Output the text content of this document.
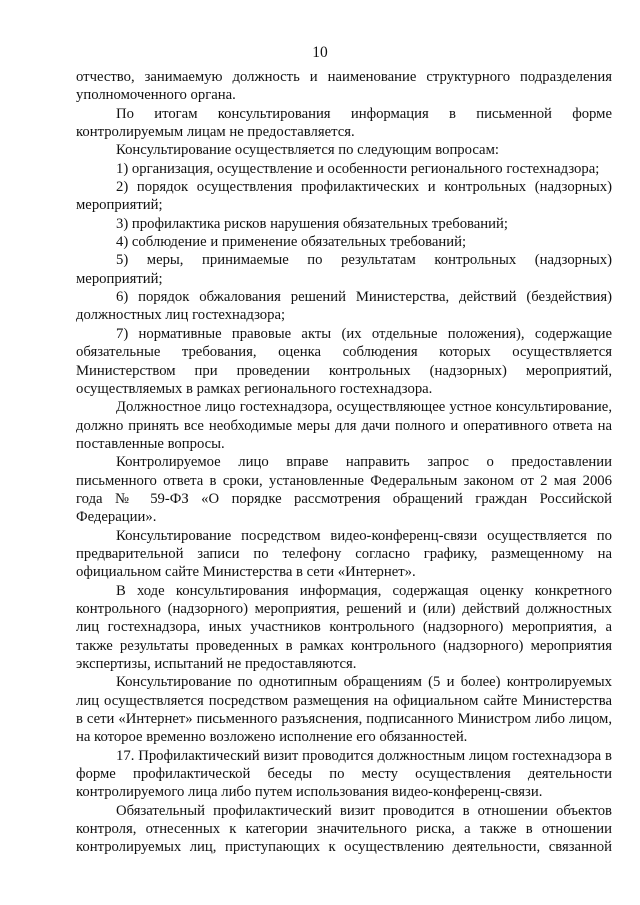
10

отчество, занимаемую должность и наименование структурного подразделения уполномоченного органа.

По итогам консультирования информация в письменной форме контролируемым лицам не предоставляется.

Консультирование осуществляется по следующим вопросам:

1) организация, осуществление и особенности регионального гостехнадзора;

2) порядок осуществления профилактических и контрольных (надзорных) мероприятий;

3) профилактика рисков нарушения обязательных требований;

4) соблюдение и применение обязательных требований;

5) меры, принимаемые по результатам контрольных (надзорных) мероприятий;

6) порядок обжалования решений Министерства, действий (бездействия) должностных лиц гостехнадзора;

7) нормативные правовые акты (их отдельные положения), содержащие обязательные требования, оценка соблюдения которых осуществляется Министерством при проведении контрольных (надзорных) мероприятий, осуществляемых в рамках регионального гостехнадзора.

Должностное лицо гостехнадзора, осуществляющее устное консультирование, должно принять все необходимые меры для дачи полного и оперативного ответа на поставленные вопросы.

Контролируемое лицо вправе направить запрос о предоставлении письменного ответа в сроки, установленные Федеральным законом от 2 мая 2006 года № 59-ФЗ «О порядке рассмотрения обращений граждан Российской Федерации».

Консультирование посредством видео-конференц-связи осуществляется по предварительной записи по телефону согласно графику, размещенному на официальном сайте Министерства в сети «Интернет».

В ходе консультирования информация, содержащая оценку конкретного контрольного (надзорного) мероприятия, решений и (или) действий должностных лиц гостехнадзора, иных участников контрольного (надзорного) мероприятия, а также результаты проведенных в рамках контрольного (надзорного) мероприятия экспертизы, испытаний не предоставляются.

Консультирование по однотипным обращениям (5 и более) контролируемых лиц осуществляется посредством размещения на официальном сайте Министерства в сети «Интернет» письменного разъяснения, подписанного Министром либо лицом, на которое временно возложено исполнение его обязанностей.

17. Профилактический визит проводится должностным лицом гостехнадзора в форме профилактической беседы по месту осуществления деятельности контролируемого лица либо путем использования видео-конференц-связи.

Обязательный профилактический визит проводится в отношении объектов контроля, отнесенных к категории значительного риска, а также в отношении контролируемых лиц, приступающих к осуществлению деятельности, связанной
